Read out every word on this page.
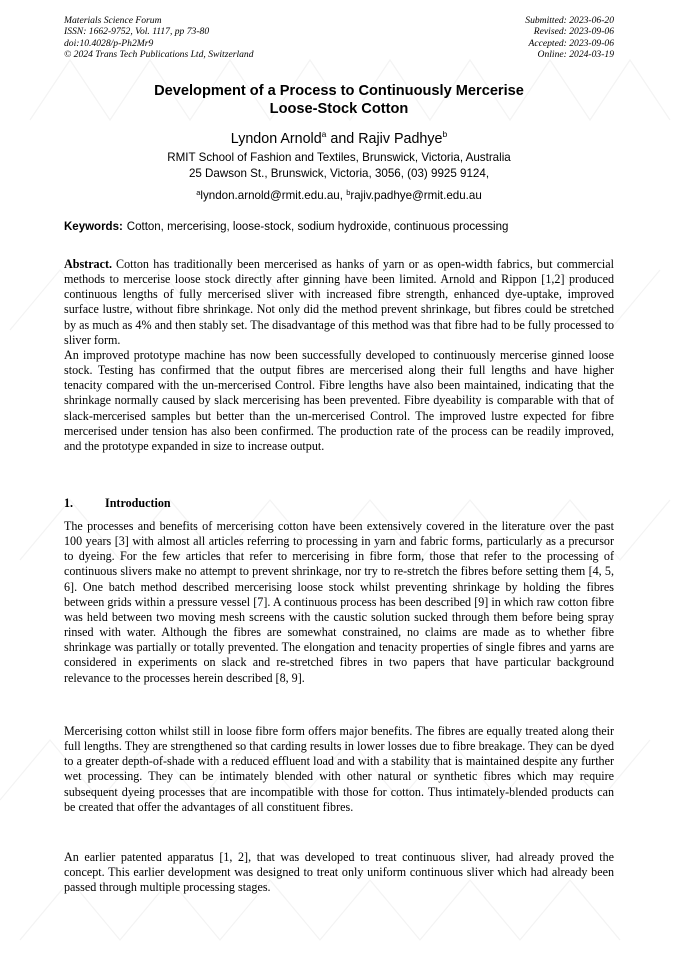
Materials Science Forum
ISSN: 1662-9752, Vol. 1117, pp 73-80
doi:10.4028/p-Ph2Mr9
© 2024 Trans Tech Publications Ltd, Switzerland
Submitted: 2023-06-20
Revised: 2023-09-06
Accepted: 2023-09-06
Online: 2024-03-19
Development of a Process to Continuously Mercerise
Loose-Stock Cotton
Lyndon Arnold$^a$ and Rajiv Padhye$^b$
RMIT School of Fashion and Textiles, Brunswick, Victoria, Australia
25 Dawson St., Brunswick, Victoria, 3056, (03) 9925 9124,
$^a$lyndon.arnold@rmit.edu.au, $^b$rajiv.padhye@rmit.edu.au
Keywords: Cotton, mercerising, loose-stock, sodium hydroxide, continuous processing

Abstract. Cotton has traditionally been mercerised as hanks of yarn or as open-width fabrics, but commercial methods to mercerise loose stock directly after ginning have been limited. Arnold and Rippon [1,2] produced continuous lengths of fully mercerised sliver with increased fibre strength, enhanced dye-uptake, improved surface lustre, without fibre shrinkage. Not only did the method prevent shrinkage, but fibres could be stretched by as much as 4% and then stably set. The disadvantage of this method was that fibre had to be fully processed to sliver form.

An improved prototype machine has now been successfully developed to continuously mercerise ginned loose stock. Testing has confirmed that the output fibres are mercerised along their full lengths and have higher tenacity compared with the un-mercerised Control. Fibre lengths have also been maintained, indicating that the shrinkage normally caused by slack mercerising has been prevented. Fibre dyeability is comparable with that of slack-mercerised samples but better than the un-mercerised Control. The improved lustre expected for fibre mercerised under tension has also been confirmed. The production rate of the process can be readily improved, and the prototype expanded in size to increase output.

1.	Introduction

The processes and benefits of mercerising cotton have been extensively covered in the literature over the past 100 years [3] with almost all articles referring to processing in yarn and fabric forms, particularly as a precursor to dyeing. For the few articles that refer to mercerising in fibre form, those that refer to the processing of continuous slivers make no attempt to prevent shrinkage, nor try to re-stretch the fibres before setting them [4, 5, 6]. One batch method described mercerising loose stock whilst preventing shrinkage by holding the fibres between grids within a pressure vessel [7]. A continuous process has been described [9] in which raw cotton fibre was held between two moving mesh screens with the caustic solution sucked through them before being spray rinsed with water. Although the fibres are somewhat constrained, no claims are made as to whether fibre shrinkage was partially or totally prevented. The elongation and tenacity properties of single fibres and yarns are considered in experiments on slack and re-stretched fibres in two papers that have particular background relevance to the processes herein described [8, 9].

Mercerising cotton whilst still in loose fibre form offers major benefits. The fibres are equally treated along their full lengths. They are strengthened so that carding results in lower losses due to fibre breakage. They can be dyed to a greater depth-of-shade with a reduced effluent load and with a stability that is maintained despite any further wet processing. They can be intimately blended with other natural or synthetic fibres which may require subsequent dyeing processes that are incompatible with those for cotton. Thus intimately-blended products can be created that offer the advantages of all constituent fibres.

An earlier patented apparatus [1, 2], that was developed to treat continuous sliver, had already proved the concept. This earlier development was designed to treat only uniform continuous sliver which had already been passed through multiple processing stages.
